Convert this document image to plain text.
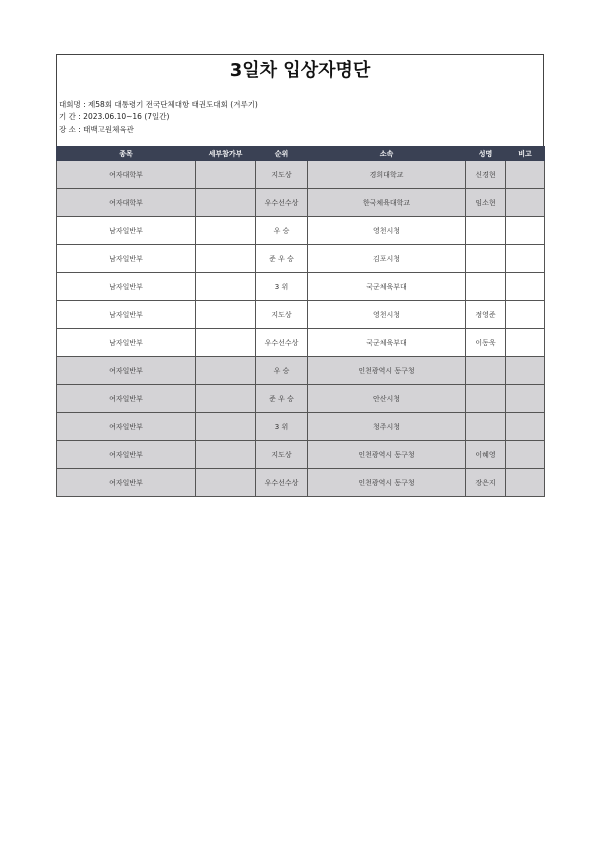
3일차 입상자명단
대회명 : 제58회 대통령기 전국단체대항 태권도대회 (겨루기)
기 간 : 2023.06.10~16 (7일간)
장 소 : 태백고원체육관
종목	세부참가부	순위	소속	성명	비고
여자대학부		지도상	경희대학교	신경현	
여자대학부		우수선수상	한국체육대학교	임소현	
남자일반부		우 승	영천시청		
남자일반부		준 우 승	김포시청		
남자일반부		3 위	국군체육부대		
남자일반부		지도상	영천시청	정영준	
남자일반부		우수선수상	국군체육부대	이동욱	
여자일반부		우 승	인천광역시 동구청		
여자일반부		준 우 승	안산시청		
여자일반부		3 위	청주시청		
여자일반부		지도상	인천광역시 동구청	이혜영	
여자일반부		우수선수상	인천광역시 동구청	장은지	
